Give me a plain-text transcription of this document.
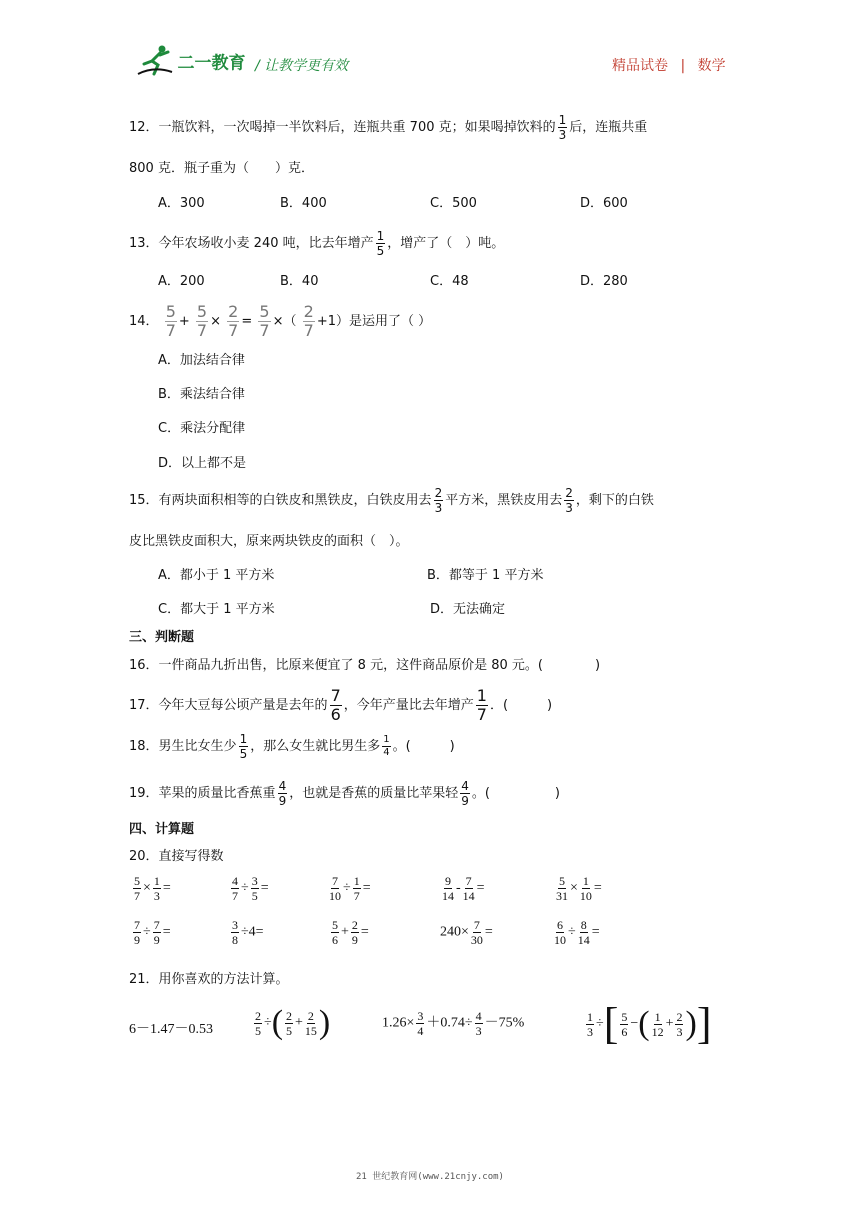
二一教育 / 让教学更有效	精品试卷 | 数学
12．一瓶饮料，一次喝掉一半饮料后，连瓶共重 700 克；如果喝掉饮料的 $\frac{1}{3}$ 后，连瓶共重
800 克．瓶子重为（　　）克．
A．300	B．400	C．500	D．600
13．今年农场收小麦 240 吨，比去年增产 $\frac{1}{5}$ ，增产了（　）吨。
A．200	B．40	C．48	D．280
14． $\frac{5}{7} + \frac{5}{7} \times \frac{2}{7} = \frac{5}{7}$ ×（ $\frac{2}{7} +1$）是运用了（ ）
A．加法结合律
B．乘法结合律
C．乘法分配律
D．以上都不是
15．有两块面积相等的白铁皮和黑铁皮，白铁皮用去 $\frac{2}{3}$ 平方米，黑铁皮用去 $\frac{2}{3}$ ，剩下的白铁
皮比黑铁皮面积大，原来两块铁皮的面积（　）。
A．都小于 1 平方米	B．都等于 1 平方米
C．都大于 1 平方米	D．无法确定
三、判断题
16．一件商品九折出售，比原来便宜了 8 元，这件商品原价是 80 元。(　　　　)
17．今年大豆每公顷产量是去年的 $\frac{7}{6}$ ，今年产量比去年增产 $\frac{1}{7}$ ．(　　　)
18．男生比女生少 $\frac{1}{5}$ ，那么女生就比男生多 $\frac{1}{4}$ 。(　　　)
19．苹果的质量比香蕉重 $\frac{4}{9}$ ，也就是香蕉的质量比苹果轻 $\frac{4}{9}$ 。(　　　　　)
四、计算题
20．直接写得数
$\frac{5}{7} \times \frac{1}{3}$ =	$\frac{4}{7} \div \frac{3}{5}$ =	$\frac{7}{10} \div \frac{1}{7}$ =	$\frac{9}{14} - \frac{7}{14}$ =	$\frac{5}{31} \times \frac{1}{10}$ =
$\frac{7}{9} \div \frac{7}{9}$ =	$\frac{3}{8} \div 4=$	$\frac{5}{6} + \frac{2}{9}$ =	$240\times \frac{7}{30}$ =	$\frac{6}{10} \div \frac{8}{14}$ =
21．用你喜欢的方法计算。
6－1.47－0.53	$\frac{2}{5}$ ÷( $\frac{2}{5} + \frac{2}{15}$ )	$1.26\times \frac{3}{4} +0.74\div \frac{4}{3} -75\%$	$\frac{1}{3}$ ÷[ $\frac{5}{6}$ −( $\frac{1}{12} + \frac{2}{3}$ )]
21 世纪教育网(www.21cnjy.com)
